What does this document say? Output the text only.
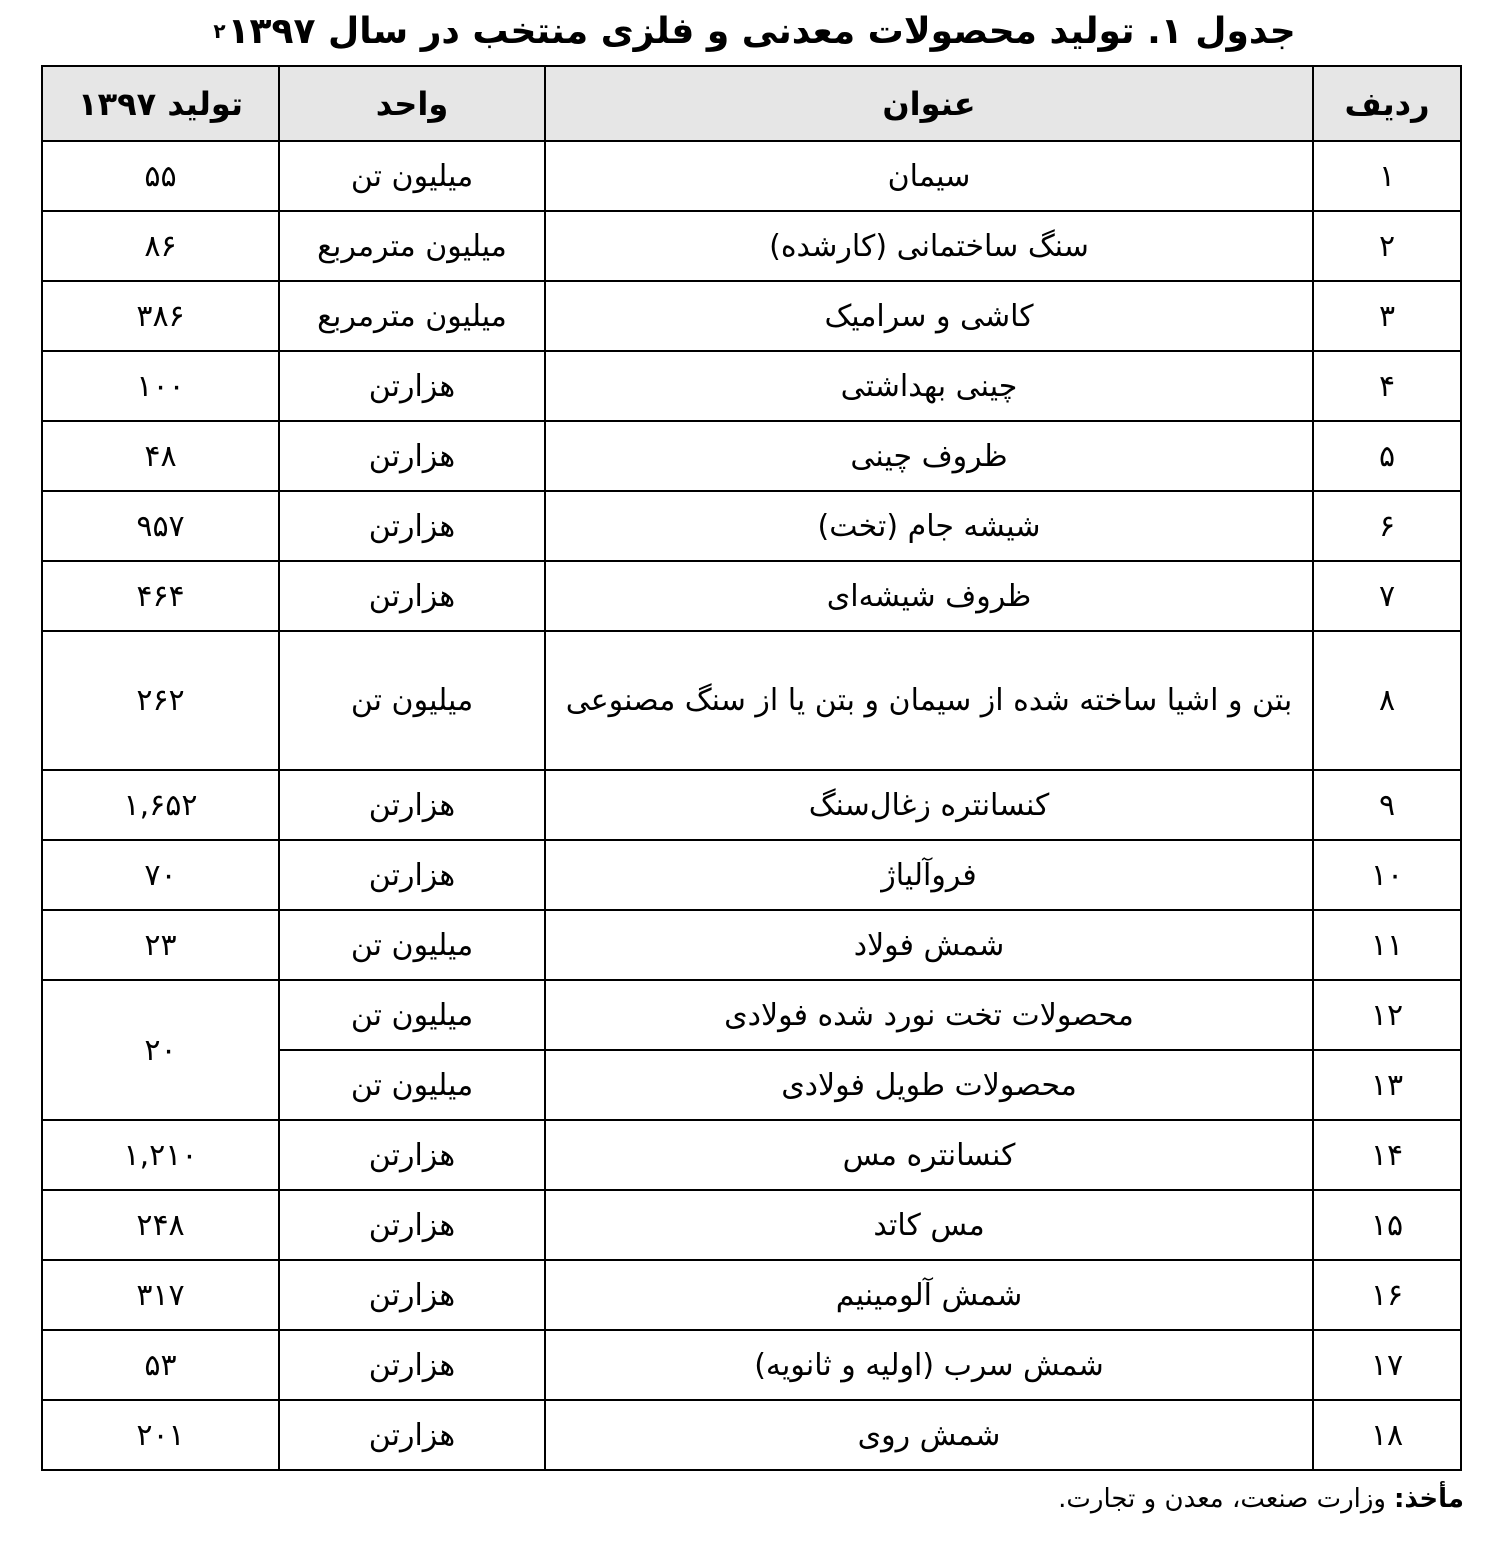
جدول ۱. تولید محصولات معدنی و فلزی منتخب در سال ۱۳۹۷
۲
ردیف	عنوان	واحد	تولید ۱۳۹۷
۱	سیمان	میلیون تن	۵۵
۲	سنگ ساختمانی (کارشده)	میلیون مترمربع	۸۶
۳	کاشی و سرامیک	میلیون مترمربع	۳۸۶
۴	چینی بهداشتی	هزارتن	۱۰۰
۵	ظروف چینی	هزارتن	۴۸
۶	شیشه جام (تخت)	هزارتن	۹۵۷
۷	ظروف شیشه‌ای	هزارتن	۴۶۴
۸	بتن و اشیا ساخته شده از سیمان و بتن یا از سنگ مصنوعی	میلیون تن	۲۶۲
۹	کنسانتره زغال‌سنگ	هزارتن	۱,۶۵۲
۱۰	فروآلیاژ	هزارتن	۷۰
۱۱	شمش فولاد	میلیون تن	۲۳
۱۲	محصولات تخت نورد شده فولادی	میلیون تن	۲۰
۱۳	محصولات طویل فولادی	میلیون تن	
۱۴	کنسانتره مس	هزارتن	۱,۲۱۰
۱۵	مس کاتد	هزارتن	۲۴۸
۱۶	شمش آلومینیم	هزارتن	۳۱۷
۱۷	شمش سرب (اولیه و ثانویه)	هزارتن	۵۳
۱۸	شمش روی	هزارتن	۲۰۱
مأخذ:وزارت صنعت، معدن و تجارت.
